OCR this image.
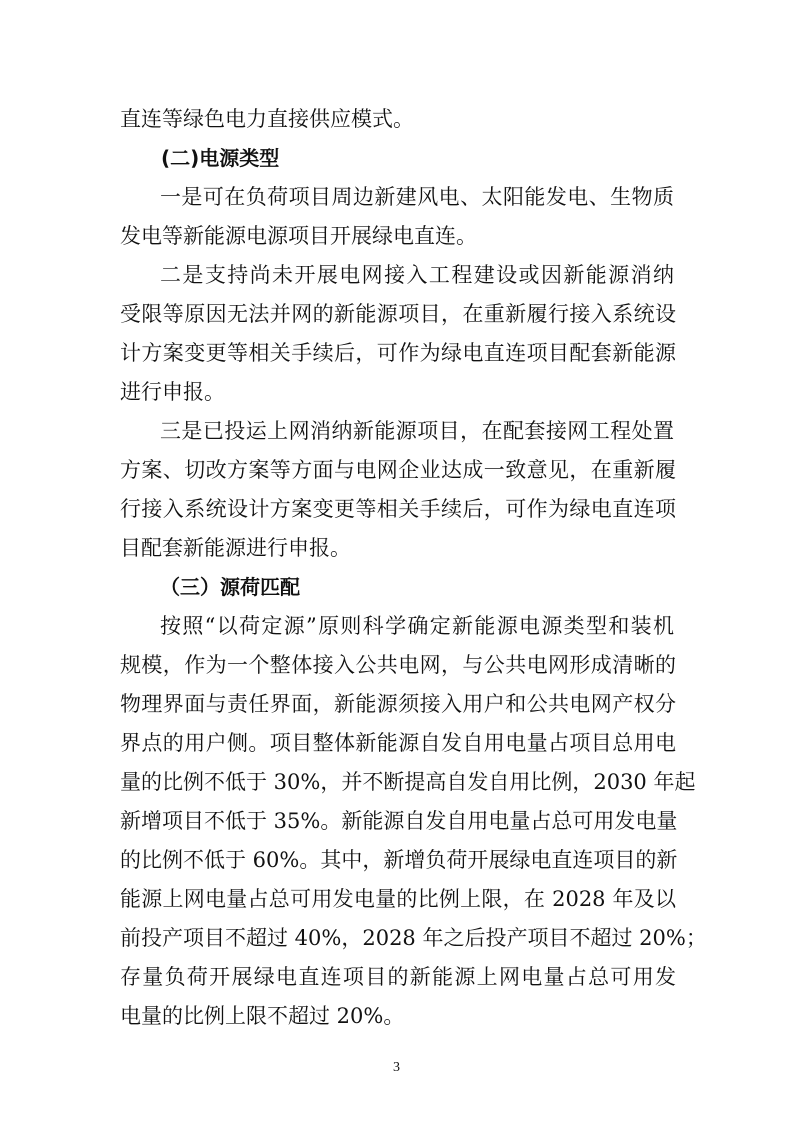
直连等绿色电力直接供应模式。
(二)电源类型
一是可在负荷项目周边新建风电、太阳能发电、生物质
发电等新能源电源项目开展绿电直连。
二是支持尚未开展电网接入工程建设或因新能源消纳
受限等原因无法并网的新能源项目，在重新履行接入系统设
计方案变更等相关手续后，可作为绿电直连项目配套新能源
进行申报。
三是已投运上网消纳新能源项目，在配套接网工程处置
方案、切改方案等方面与电网企业达成一致意见，在重新履
行接入系统设计方案变更等相关手续后，可作为绿电直连项
目配套新能源进行申报。
（三）源荷匹配
按照“以荷定源”原则科学确定新能源电源类型和装机
规模，作为一个整体接入公共电网，与公共电网形成清晰的
物理界面与责任界面，新能源须接入用户和公共电网产权分
界点的用户侧。项目整体新能源自发自用电量占项目总用电
量的比例不低于 30%，并不断提高自发自用比例，2030 年起
新增项目不低于 35%。新能源自发自用电量占总可用发电量
的比例不低于 60%。其中，新增负荷开展绿电直连项目的新
能源上网电量占总可用发电量的比例上限，在 2028 年及以
前投产项目不超过 40%，2028 年之后投产项目不超过 20%；
存量负荷开展绿电直连项目的新能源上网电量占总可用发
电量的比例上限不超过 20%。
3
